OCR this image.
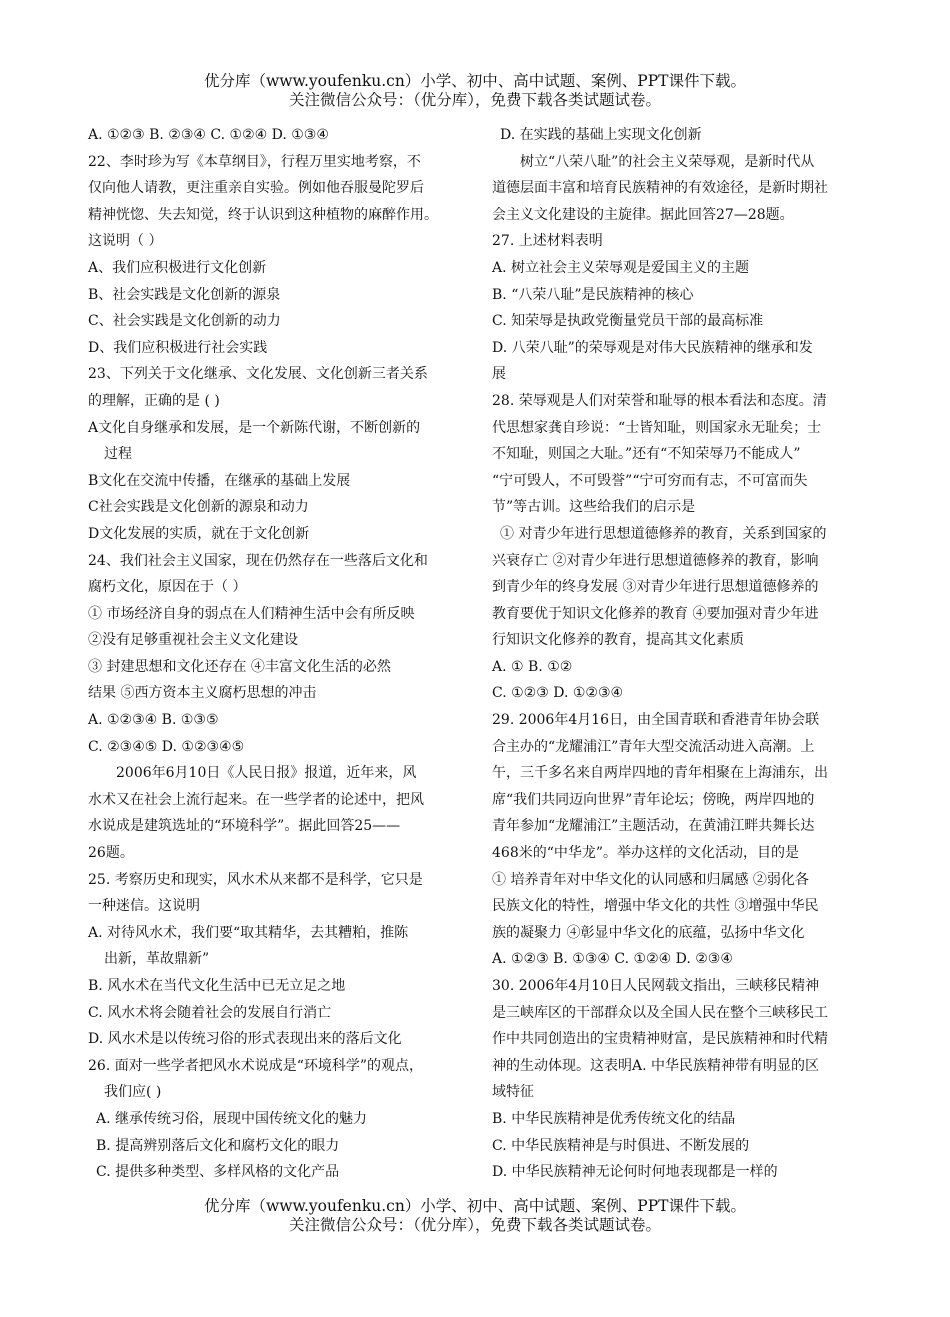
优分库（www.youfenku.cn）小学、初中、高中试题、案例、PPT课件下载。
关注微信公众号：（优分库），免费下载各类试题试卷。
A. ①②③ B. ②③④ C. ①②④ D. ①③④
22、李时珍为写《本草纲目》，行程万里实地考察，不
仅向他人请教，更注重亲自实验。例如他吞服曼陀罗后
精神恍惚、失去知觉，终于认识到这种植物的麻醉作用。
这说明（ ）
A、我们应积极进行文化创新
B、社会实践是文化创新的源泉
C、社会实践是文化创新的动力
D、我们应积极进行社会实践
23、下列关于文化继承、文化发展、文化创新三者关系
的理解，正确的是 ( )
A文化自身继承和发展，是一个新陈代谢，不断创新的
过程
B文化在交流中传播，在继承的基础上发展
C社会实践是文化创新的源泉和动力
D文化发展的实质，就在于文化创新
24、我们社会主义国家，现在仍然存在一些落后文化和
腐朽文化，原因在于（ ）
① 市场经济自身的弱点在人们精神生活中会有所反映
②没有足够重视社会主义文化建设
③ 封建思想和文化还存在 ④丰富文化生活的必然
结果 ⑤西方资本主义腐朽思想的冲击
A. ①②③④ B. ①③⑤
C. ②③④⑤ D. ①②③④⑤
2006年6月10日《人民日报》报道，近年来，风
水术又在社会上流行起来。在一些学者的论述中，把风
水说成是建筑选址的“环境科学”。据此回答25——
26题。
25. 考察历史和现实，风水术从来都不是科学，它只是
一种迷信。这说明
A. 对待风水术，我们要“取其精华，去其糟粕，推陈
出新，革故鼎新”
B. 风水术在当代文化生活中已无立足之地
C. 风水术将会随着社会的发展自行消亡
D. 风水术是以传统习俗的形式表现出来的落后文化
26. 面对一些学者把风水术说成是“环境科学”的观点，
我们应( )
A. 继承传统习俗，展现中国传统文化的魅力
B. 提高辨别落后文化和腐朽文化的眼力
C. 提供多种类型、多样风格的文化产品
D. 在实践的基础上实现文化创新
树立“八荣八耻”的社会主义荣辱观，是新时代从
道德层面丰富和培育民族精神的有效途径，是新时期社
会主义文化建设的主旋律。据此回答27—28题。
27. 上述材料表明
A. 树立社会主义荣辱观是爱国主义的主题
B. “八荣八耻”是民族精神的核心
C. 知荣辱是执政党衡量党员干部的最高标准
D. 八荣八耻”的荣辱观是对伟大民族精神的继承和发
展
28. 荣辱观是人们对荣誉和耻辱的根本看法和态度。清
代思想家龚自珍说：“士皆知耻，则国家永无耻矣；士
不知耻，则国之大耻。”还有“不知荣辱乃不能成人”
“宁可毁人，不可毁誉”“宁可穷而有志，不可富而失
节”等古训。这些给我们的启示是
① 对青少年进行思想道德修养的教育，关系到国家的
兴衰存亡 ②对青少年进行思想道德修养的教育，影响
到青少年的终身发展 ③对青少年进行思想道德修养的
教育要优于知识文化修养的教育 ④要加强对青少年进
行知识文化修养的教育，提高其文化素质
A. ① B. ①②
C. ①②③ D. ①②③④
29. 2006年4月16日，由全国青联和香港青年协会联
合主办的“龙耀浦江”青年大型交流活动进入高潮。上
午，三千多名来自两岸四地的青年相聚在上海浦东，出
席“我们共同迈向世界”青年论坛；傍晚，两岸四地的
青年参加“龙耀浦江”主题活动，在黄浦江畔共舞长达
468米的“中华龙”。举办这样的文化活动，目的是
① 培养青年对中华文化的认同感和归属感 ②弱化各
民族文化的特性，增强中华文化的共性 ③增强中华民
族的凝聚力 ④彰显中华文化的底蕴，弘扬中华文化
A. ①②③ B. ①③④ C. ①②④ D. ②③④
30. 2006年4月10日人民网载文指出，三峡移民精神
是三峡库区的干部群众以及全国人民在整个三峡移民工
作中共同创造出的宝贵精神财富，是民族精神和时代精
神的生动体现。这表明A. 中华民族精神带有明显的区
域特征
B. 中华民族精神是优秀传统文化的结晶
C. 中华民族精神是与时俱进、不断发展的
D. 中华民族精神无论何时何地表现都是一样的
优分库（www.youfenku.cn）小学、初中、高中试题、案例、PPT课件下载。
关注微信公众号：（优分库），免费下载各类试题试卷。
